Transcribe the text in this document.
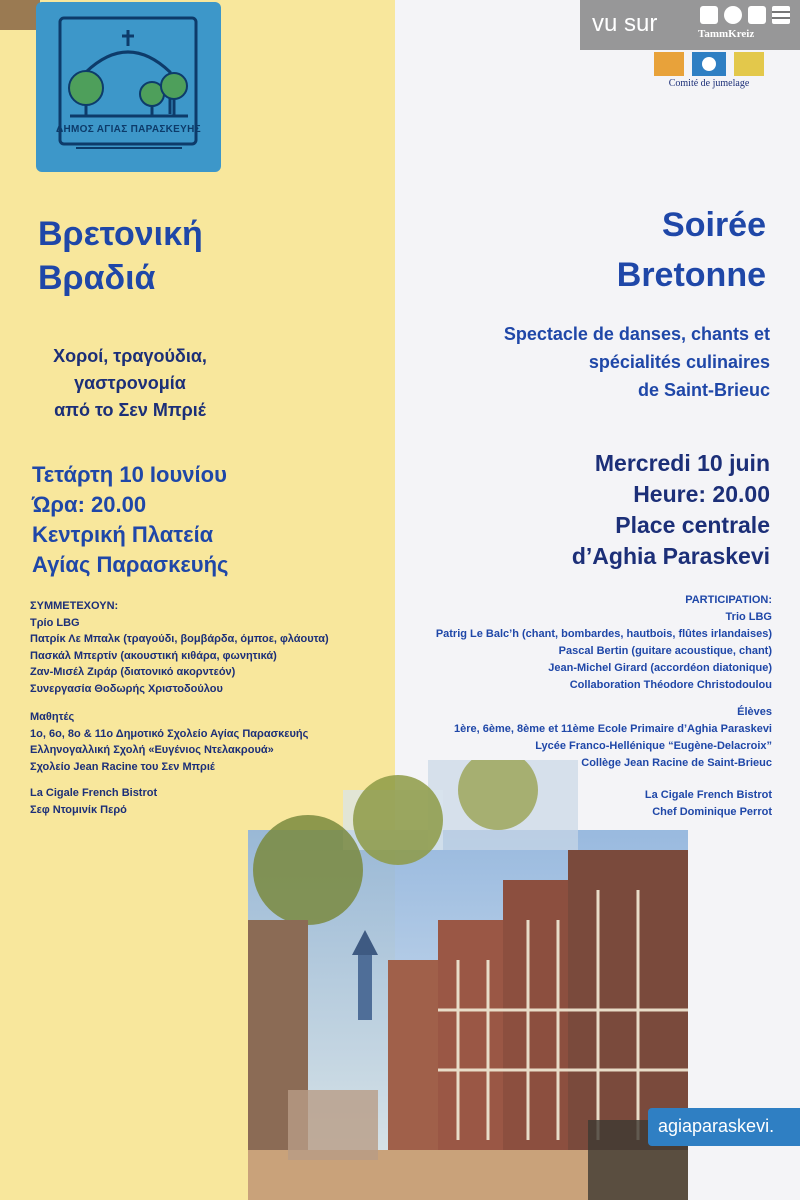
ΔΗΜΟΣ ΑΓΙΑΣ ΠΑΡΑΣΚΕΥΗΣ
Βρετονική
Βραδιά
Χοροί, τραγούδια,
γαστρονομία
από το Σεν Μπριέ
Τετάρτη 10 Ιουνίου
Ώρα: 20.00
Κεντρική Πλατεία
Αγίας Παρασκευής
ΣΥΜΜΕΤΕΧΟΥΝ:
Τρίο LBG
Πατρίκ Λε Μπαλκ (τραγούδι, βομβάρδα, όμποε, φλάουτα)
Πασκάλ Μπερτίν (ακουστική κιθάρα, φωνητικά)
Ζαν-Μισέλ Ζιράρ (διατονικό ακορντεόν)
Συνεργασία Θοδωρής Χριστοδούλου
Μαθητές
1ο, 6ο, 8ο & 11ο Δημοτικό Σχολείο Αγίας Παρασκευής
Ελληνογαλλική Σχολή «Ευγένιος Ντελακρουά»
Σχολείο Jean Racine του Σεν Μπριέ
La Cigale French Bistrot
Σεφ Ντομινίκ Περό
vu sur	TammKreiz
Comité de jumelage
Soirée
Bretonne
Spectacle de danses, chants et
spécialités culinaires
de Saint-Brieuc
Mercredi 10 juin
Heure: 20.00
Place centrale
d’Aghia Paraskevi
PARTICIPATION:
Trio LBG
Patrig Le Balc’h (chant, bombardes, hautbois, flûtes irlandaises)
Pascal Bertin (guitare acoustique, chant)
Jean-Michel Girard (accordéon diatonique)
Collaboration Théodore Christodoulou
Élèves
1ère, 6ème, 8ème et 11ème Ecole Primaire d’Aghia Paraskevi
Lycée Franco-Hellénique “Eugène-Delacroix”
Collège Jean Racine de Saint-Brieuc
La Cigale French Bistrot
Chef Dominique Perrot
agiaparaskevi.
